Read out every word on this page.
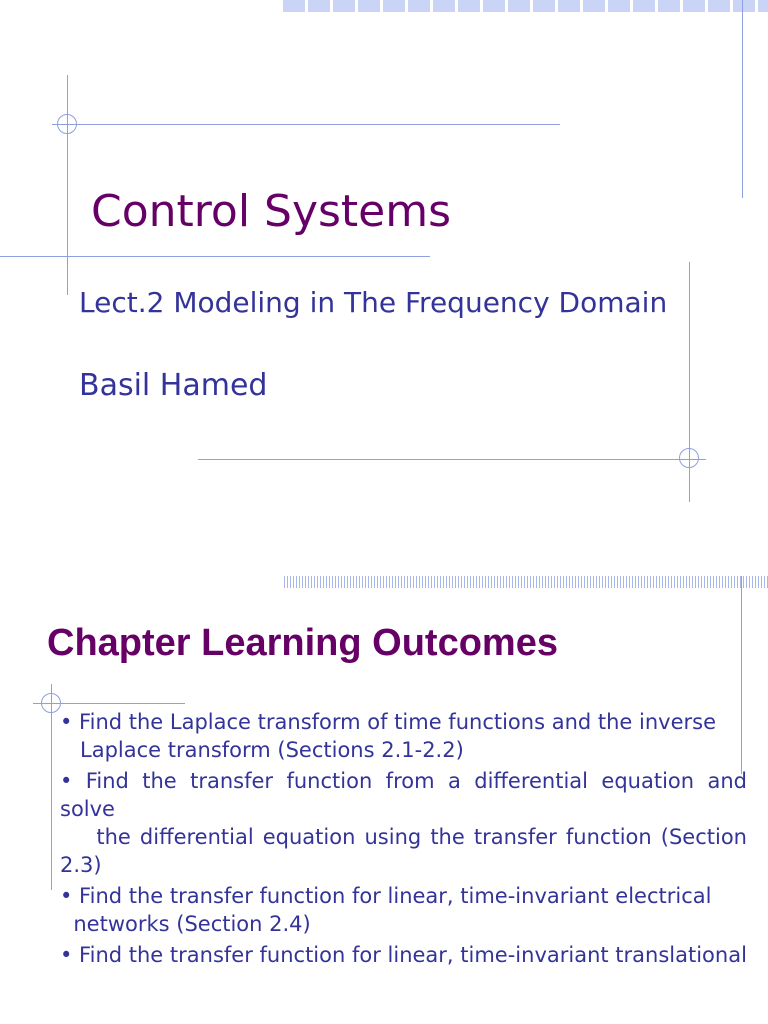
Control Systems

Lect.2 Modeling in The Frequency Domain

Basil Hamed

Chapter Learning Outcomes
• Find the Laplace transform of time functions and the inverse
Laplace transform (Sections 2.1-2.2)
• Find the transfer function from a differential equation and solve
the differential equation using the transfer function (Section 2.3)
• Find the transfer function for linear, time-invariant electrical
networks (Section 2.4)
• Find the transfer function for linear, time-invariant translational
